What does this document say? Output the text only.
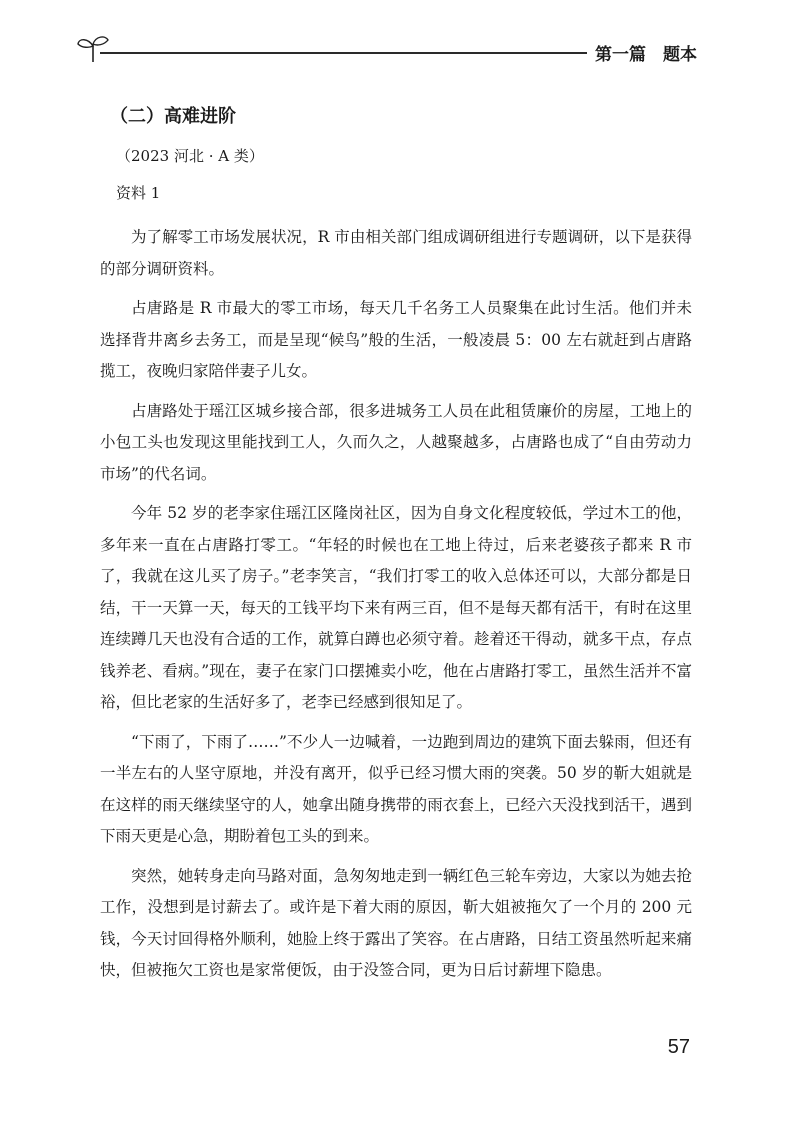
第一篇　题本
（二）高难进阶
（2023 河北 · A 类）
资料 1

为了解零工市场发展状况，R 市由相关部门组成调研组进行专题调研，以下是获得的部分调研资料。

占唐路是 R 市最大的零工市场，每天几千名务工人员聚集在此讨生活。他们并未选择背井离乡去务工，而是呈现“候鸟”般的生活，一般凌晨 5：00 左右就赶到占唐路揽工，夜晚归家陪伴妻子儿女。

占唐路处于瑶江区城乡接合部，很多进城务工人员在此租赁廉价的房屋，工地上的小包工头也发现这里能找到工人，久而久之，人越聚越多，占唐路也成了“自由劳动力市场”的代名词。

今年 52 岁的老李家住瑶江区隆岗社区，因为自身文化程度较低，学过木工的他，多年来一直在占唐路打零工。“年轻的时候也在工地上待过，后来老婆孩子都来 R 市了，我就在这儿买了房子。”老李笑言，“我们打零工的收入总体还可以，大部分都是日结，干一天算一天，每天的工钱平均下来有两三百，但不是每天都有活干，有时在这里连续蹲几天也没有合适的工作，就算白蹲也必须守着。趁着还干得动，就多干点，存点钱养老、看病。”现在，妻子在家门口摆摊卖小吃，他在占唐路打零工，虽然生活并不富裕，但比老家的生活好多了，老李已经感到很知足了。

“下雨了，下雨了……”不少人一边喊着，一边跑到周边的建筑下面去躲雨，但还有一半左右的人坚守原地，并没有离开，似乎已经习惯大雨的突袭。50 岁的靳大姐就是在这样的雨天继续坚守的人，她拿出随身携带的雨衣套上，已经六天没找到活干，遇到下雨天更是心急，期盼着包工头的到来。

突然，她转身走向马路对面，急匆匆地走到一辆红色三轮车旁边，大家以为她去抢工作，没想到是讨薪去了。或许是下着大雨的原因，靳大姐被拖欠了一个月的 200 元钱，今天讨回得格外顺利，她脸上终于露出了笑容。在占唐路，日结工资虽然听起来痛快，但被拖欠工资也是家常便饭，由于没签合同，更为日后讨薪埋下隐患。

57
